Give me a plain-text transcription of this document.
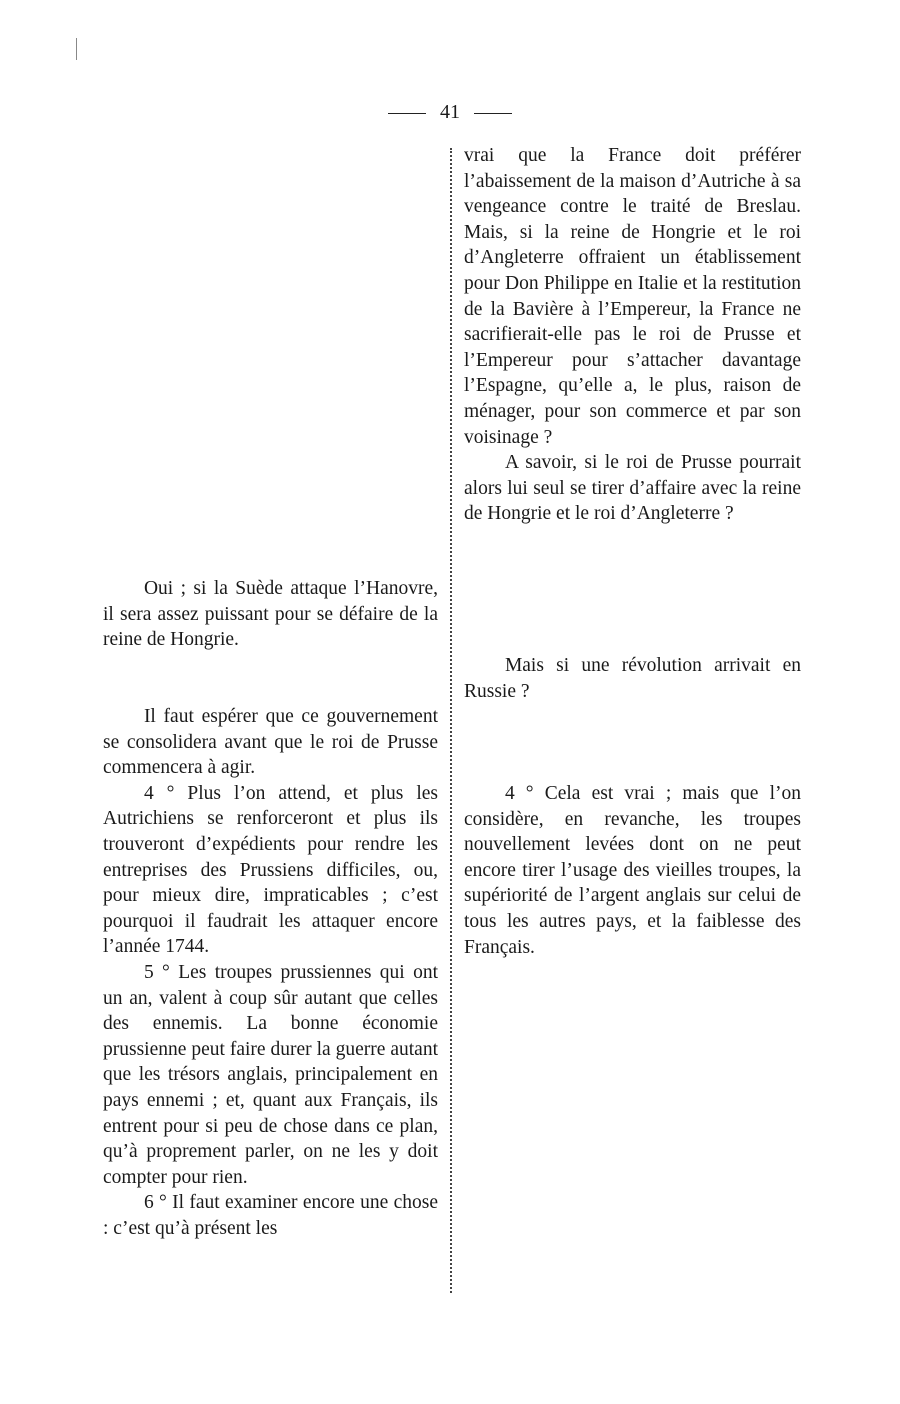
41

Oui ; si la Suède attaque l’Hanovre, il sera assez puissant pour se défaire de la reine de Hongrie.

Il faut espérer que ce gouvernement se consolidera avant que le roi de Prusse commencera à agir.

4 ° Plus l’on attend, et plus les Autrichiens se renforceront et plus ils trouveront d’expédients pour rendre les entreprises des Prussiens difficiles, ou, pour mieux dire, impraticables ; c’est pourquoi il faudrait les attaquer encore l’année 1744.

5 ° Les troupes prussiennes qui ont un an, valent à coup sûr autant que celles des ennemis. La bonne économie prussienne peut faire durer la guerre autant que les trésors anglais, principalement en pays ennemi ; et, quant aux Français, ils entrent pour si peu de chose dans ce plan, qu’à proprement parler, on ne les y doit compter pour rien.

6 ° Il faut examiner encore une chose : c’est qu’à présent les

vrai que la France doit préférer l’abaissement de la maison d’Autriche à sa vengeance contre le traité de Breslau. Mais, si la reine de Hongrie et le roi d’Angleterre offraient un établissement pour Don Philippe en Italie et la restitution de la Bavière à l’Empereur, la France ne sacrifierait-elle pas le roi de Prusse et l’Empereur pour s’attacher davantage l’Espagne, qu’elle a, le plus, raison de ménager, pour son commerce et par son voisinage ?

A savoir, si le roi de Prusse pourrait alors lui seul se tirer d’affaire avec la reine de Hongrie et le roi d’Angleterre ?

Mais si une révolution arrivait en Russie ?

4 ° Cela est vrai ; mais que l’on considère, en revanche, les troupes nouvellement levées dont on ne peut encore tirer l’usage des vieilles troupes, la supériorité de l’argent anglais sur celui de tous les autres pays, et la faiblesse des Français.
